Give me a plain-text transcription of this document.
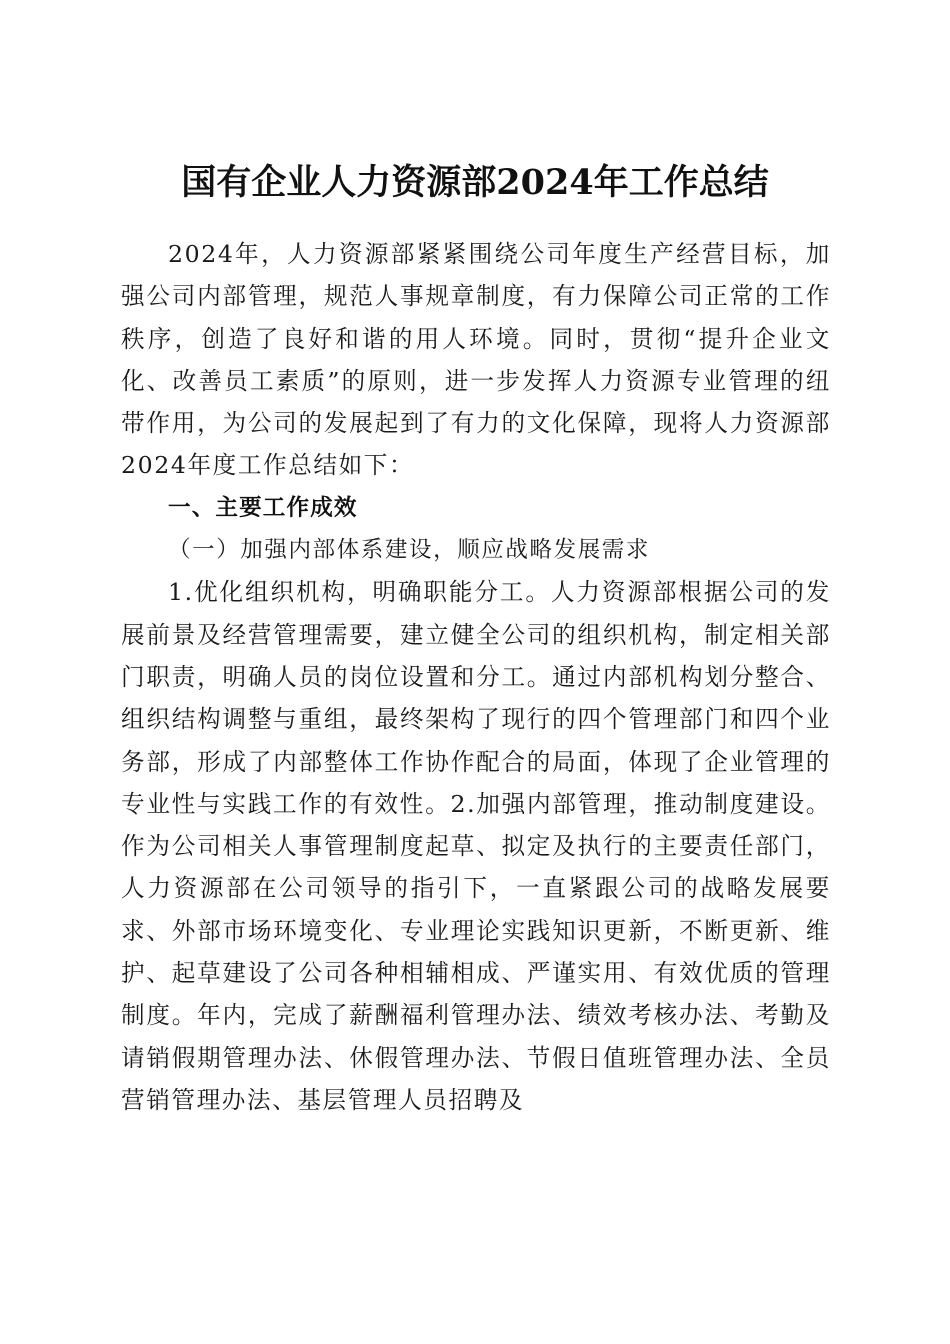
国有企业人力资源部2024年工作总结

2024年，人力资源部紧紧围绕公司年度生产经营目标，加强公司内部管理，规范人事规章制度，有力保障公司正常的工作秩序，创造了良好和谐的用人环境。同时，贯彻“提升企业文化、改善员工素质”的原则，进一步发挥人力资源专业管理的纽带作用，为公司的发展起到了有力的文化保障，现将人力资源部2024年度工作总结如下：

一、主要工作成效

（一）加强内部体系建设，顺应战略发展需求

1.优化组织机构，明确职能分工。人力资源部根据公司的发展前景及经营管理需要，建立健全公司的组织机构，制定相关部门职责，明确人员的岗位设置和分工。通过内部机构划分整合、组织结构调整与重组，最终架构了现行的四个管理部门和四个业务部，形成了内部整体工作协作配合的局面，体现了企业管理的专业性与实践工作的有效性。2.加强内部管理，推动制度建设。作为公司相关人事管理制度起草、拟定及执行的主要责任部门，人力资源部在公司领导的指引下，一直紧跟公司的战略发展要求、外部市场环境变化、专业理论实践知识更新，不断更新、维护、起草建设了公司各种相辅相成、严谨实用、有效优质的管理制度。年内，完成了薪酬福利管理办法、绩效考核办法、考勤及请销假期管理办法、休假管理办法、节假日值班管理办法、全员营销管理办法、基层管理人员招聘及
